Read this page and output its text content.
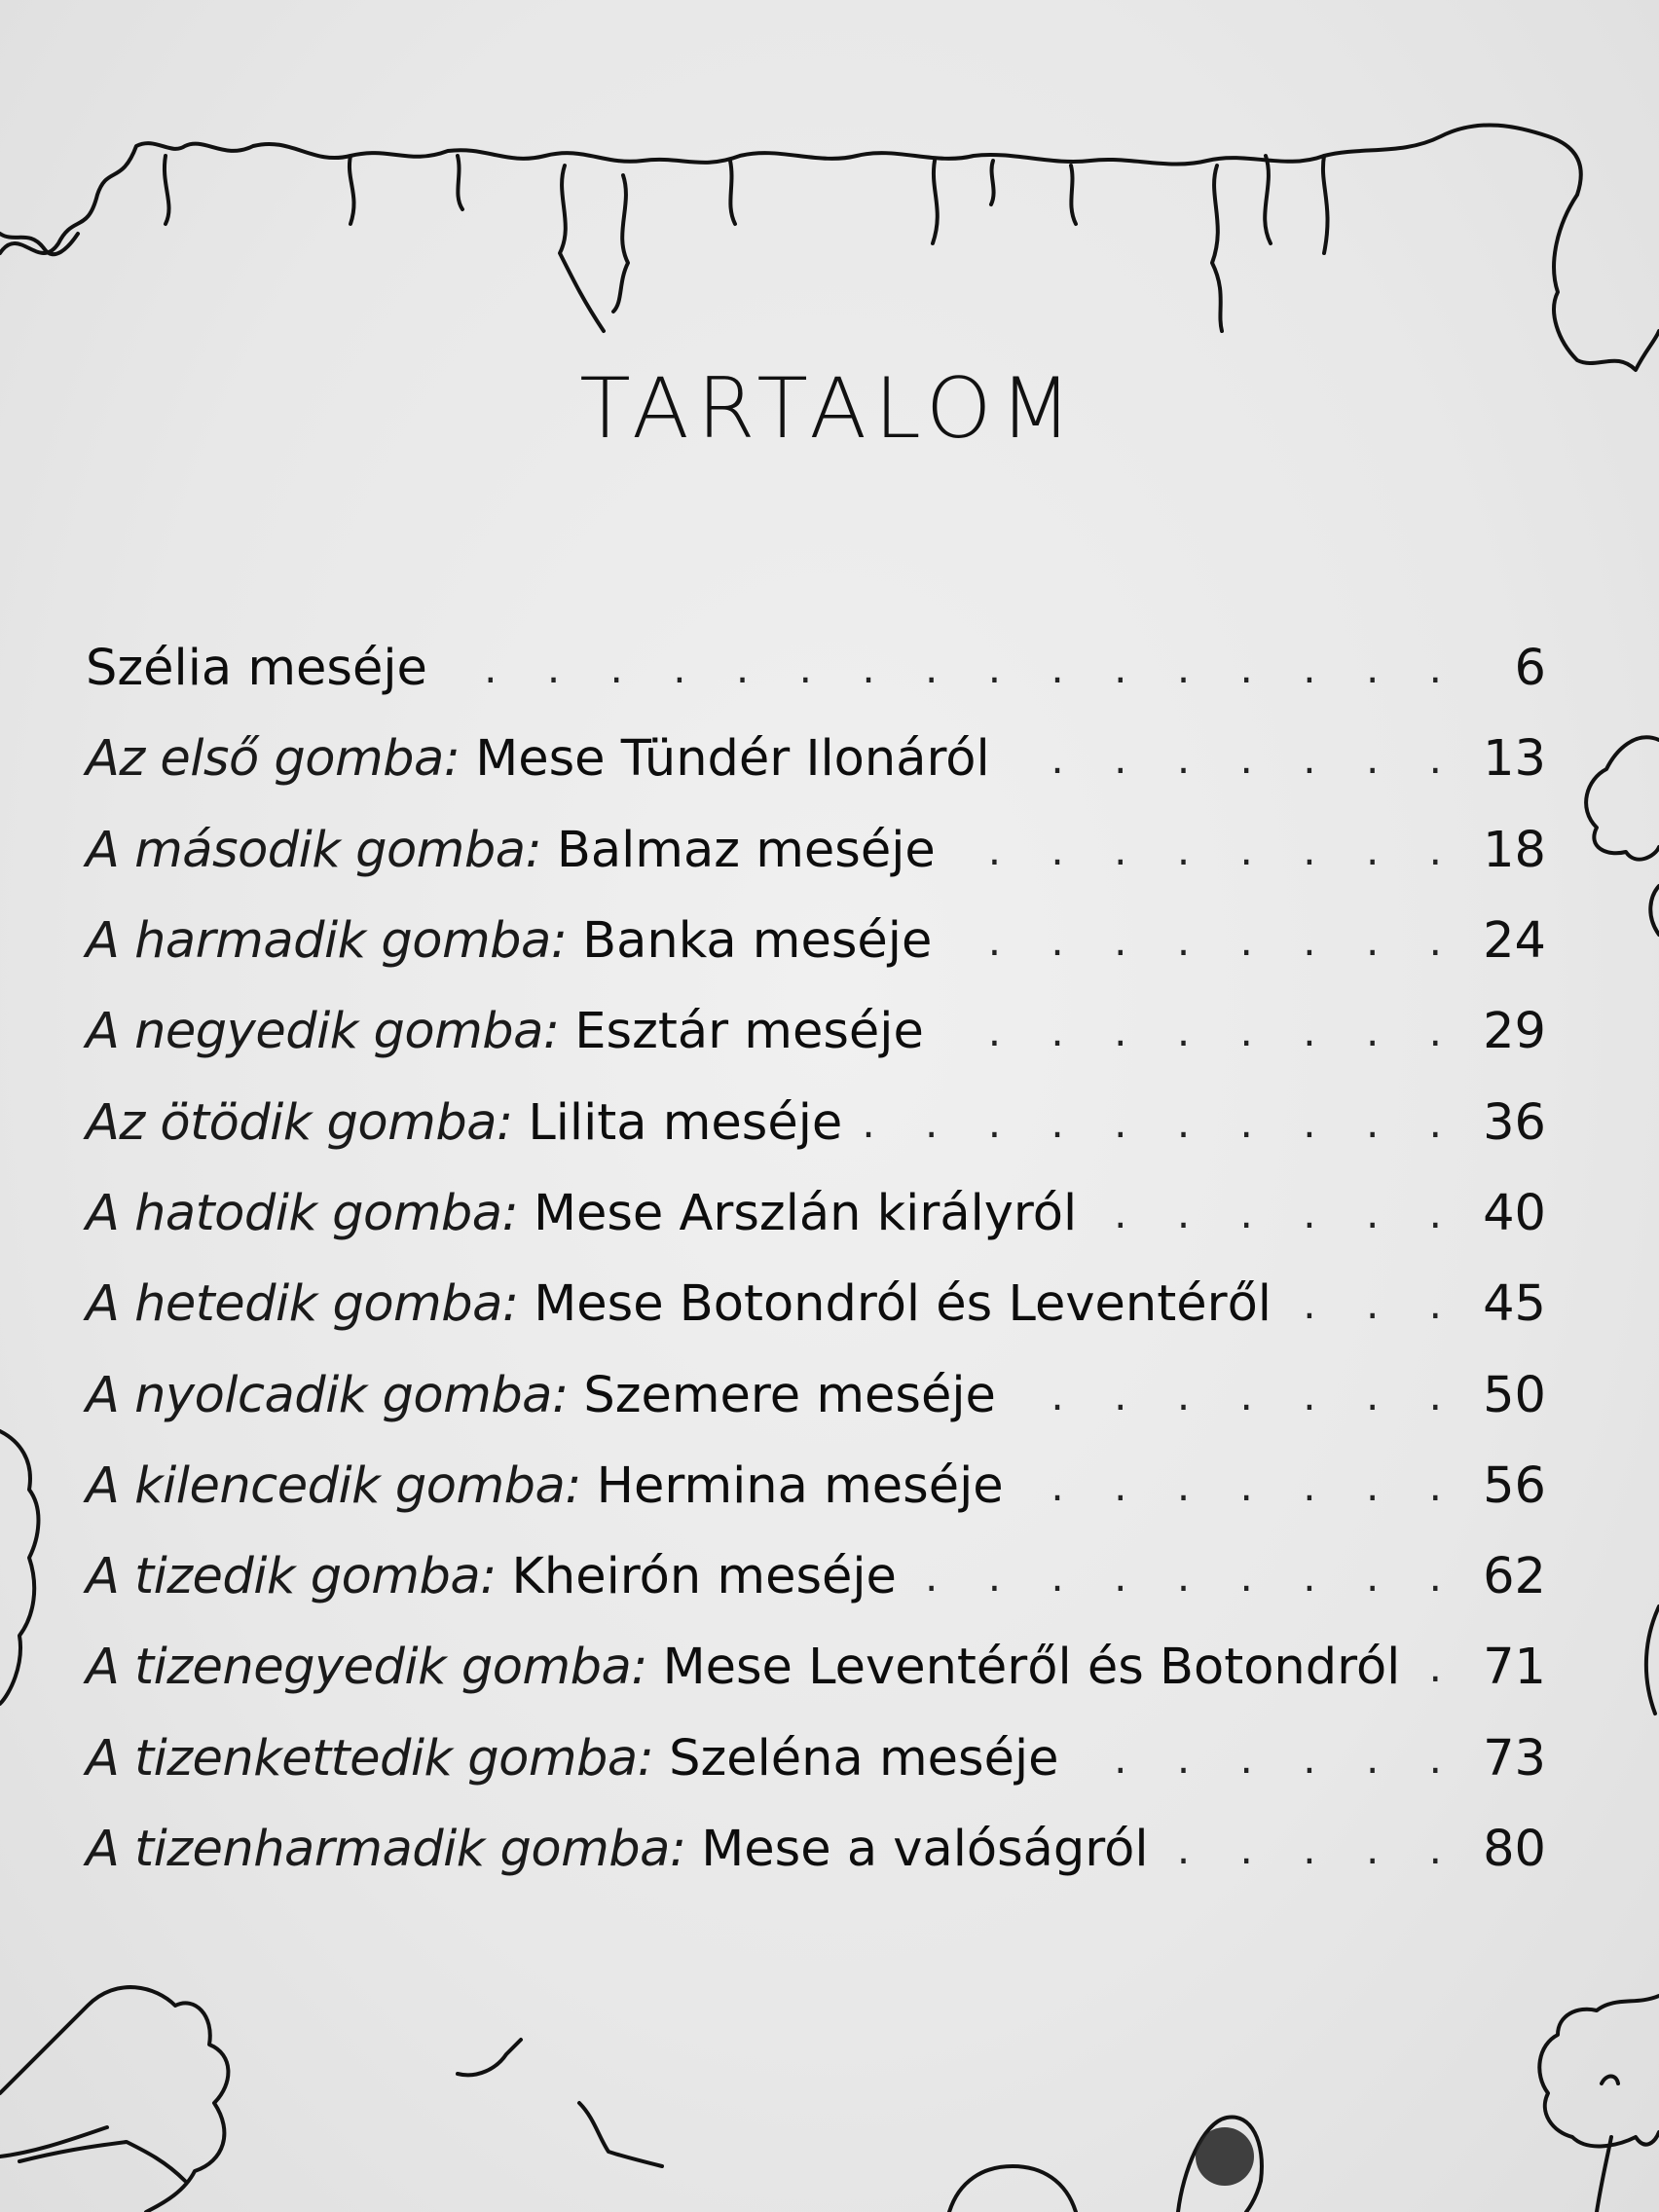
TARTALOM
Szélia meséje . . .	6
Az első gomba: Mese Tündér Ilonáról . . .	13
A második gomba: Balmaz meséje . . .	18
A harmadik gomba: Banka meséje . . .	24
A negyedik gomba: Esztár meséje . . .	29
Az ötödik gomba: Lilita meséje . . .	36
A hatodik gomba: Mese Arszlán királyról . . .	40
A hetedik gomba: Mese Botondról és Leventéről . . .	45
A nyolcadik gomba: Szemere meséje . . .	50
A kilencedik gomba: Hermina meséje . . .	56
A tizedik gomba: Kheirón meséje . . .	62
A tizenegyedik gomba: Mese Leventéről és Botondról . . . 71
A tizenkettedik gomba: Szeléna meséje . . .	73
A tizenharmadik gomba: Mese a valóságról . . .	80
